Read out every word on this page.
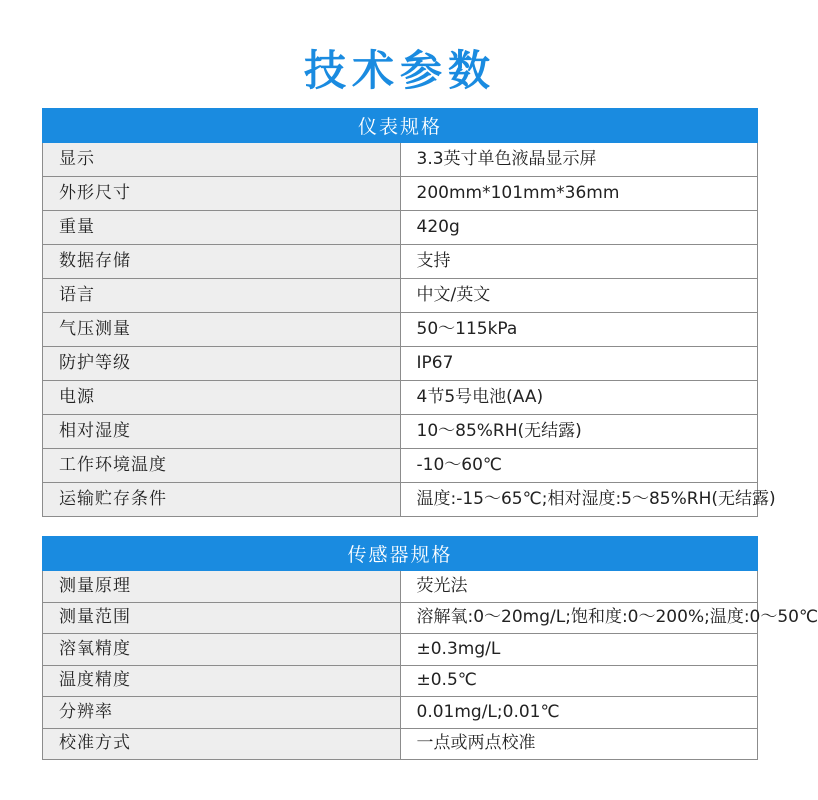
技术参数
仪表规格	
显示	3.3英寸单色液晶显示屏
外形尺寸	200mm*101mm*36mm
重量	420g
数据存储	支持
语言	中文/英文
气压测量	50～115kPa
防护等级	IP67
电源	4节5号电池(AA)
相对湿度	10～85%RH(无结露)
工作环境温度	-10～60℃
运输贮存条件	温度:-15～65℃;相对湿度:5～85%RH(无结露)
传感器规格	
测量原理	荧光法
测量范围	溶解氧:0～20mg/L;饱和度:0～200%;温度:0～50℃
溶氧精度	±0.3mg/L
温度精度	±0.5℃
分辨率	0.01mg/L;0.01℃
校准方式	一点或两点校准
